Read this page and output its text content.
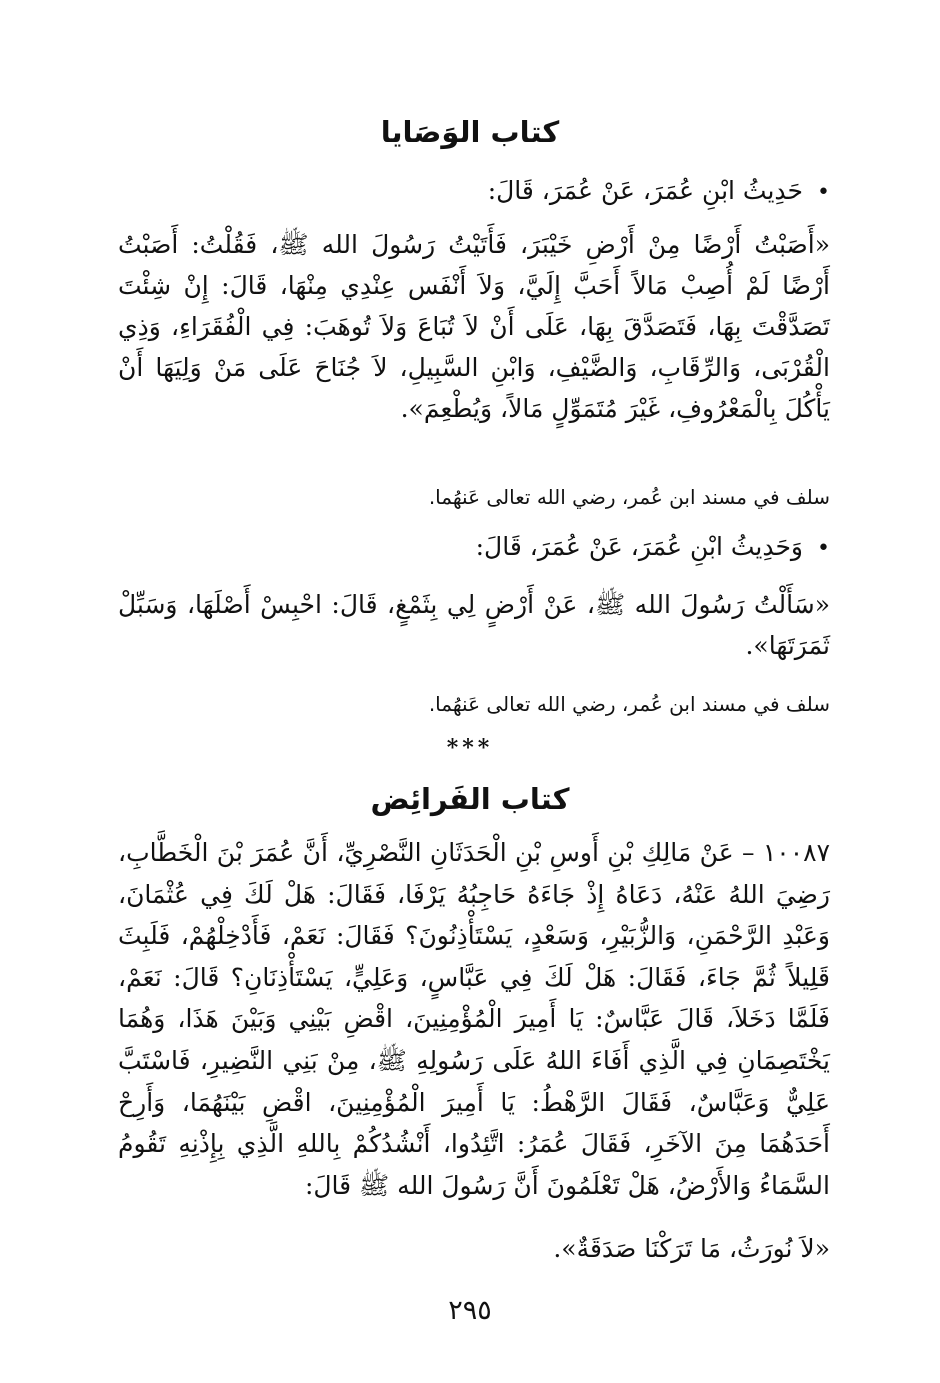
كتاب الوَصَايا
•حَدِيثُ ابْنِ عُمَرَ، عَنْ عُمَرَ، قَالَ:
«أَصَبْتُ أَرْضًا مِنْ أَرْضِ خَيْبَرَ، فَأَتَيْتُ رَسُولَ الله ﷺ، فَقُلْتُ: أَصَبْتُ أَرْضًا لَمْ أُصِبْ مَالاً أَحَبَّ إِلَيَّ، وَلاَ أَنْفَس عِنْدِي مِنْهَا، قَالَ: إِنْ شِئْتَ تَصَدَّقْتَ بِهَا، فَتَصَدَّقَ بِهَا، عَلَى أَنْ لاَ تُبَاعَ وَلاَ تُوهَبَ: فِي الْفُقَرَاءِ، وَذِي الْقُرْبَى، وَالرِّقَابِ، وَالضَّيْفِ، وَابْنِ السَّبِيلِ، لاَ جُنَاحَ عَلَى مَنْ وَلِيَهَا أَنْ يَأْكُلَ بِالْمَعْرُوفِ، غَيْرَ مُتَمَوِّلٍ مَالاً، وَيُطْعِمَ».
سلف في مسند ابن عُمر، رضي الله تعالى عَنهُما.
•وَحَدِيثُ ابْنِ عُمَرَ، عَنْ عُمَرَ، قَالَ:
«سَأَلْتُ رَسُولَ الله ﷺ، عَنْ أَرْضٍ لِي بِثَمْغٍ، قَالَ: احْبِسْ أَصْلَهَا، وَسَبِّلْ ثَمَرَتَهَا».
سلف في مسند ابن عُمر، رضي الله تعالى عَنهُما.
***
كتاب الفَرائِض
١٠٠٨٧ – عَنْ مَالِكِ بْنِ أَوسِ بْنِ الْحَدَثَانِ النَّصْرِيِّ، أَنَّ عُمَرَ بْنَ الْخَطَّابِ، رَضِيَ اللهُ عَنْهُ، دَعَاهُ إِذْ جَاءَهُ حَاجِبُهُ يَرْفَا، فَقَالَ: هَلْ لَكَ فِي عُثْمَانَ، وَعَبْدِ الرَّحْمَنِ، وَالزُّبَيْرِ، وَسَعْدٍ، يَسْتَأْذِنُونَ؟ فَقَالَ: نَعَمْ، فَأَدْخِلْهُمْ، فَلَبِثَ قَلِيلاً ثُمَّ جَاءَ، فَقَالَ: هَلْ لَكَ فِي عَبَّاسٍ، وَعَلِيٍّ، يَسْتَأْذِنَانِ؟ قَالَ: نَعَمْ، فَلَمَّا دَخَلاَ، قَالَ عَبَّاسٌ: يَا أَمِيرَ الْمُؤْمِنِينَ، اقْضِ بَيْنِي وَبَيْنَ هَذَا، وَهُمَا يَخْتَصِمَانِ فِي الَّذِي أَفَاءَ اللهُ عَلَى رَسُولِهِ ﷺ، مِنْ بَنِي النَّضِيرِ، فَاسْتَبَّ عَلِيٌّ وَعَبَّاسٌ، فَقَالَ الرَّهْطُ: يَا أَمِيرَ الْمُؤْمِنِينَ، اقْضِ بَيْنَهُمَا، وَأَرِحْ أَحَدَهُمَا مِنَ الآخَرِ، فَقَالَ عُمَرُ: اتَّئِدُوا، أَنْشُدُكُمْ بِاللهِ الَّذِي بِإِذْنِهِ تَقُومُ السَّمَاءُ وَالأَرْضُ، هَلْ تَعْلَمُونَ أَنَّ رَسُولَ الله ﷺ قَالَ:
«لاَ نُورَثُ، مَا تَرَكْنَا صَدَقَةٌ».
٢٩٥
